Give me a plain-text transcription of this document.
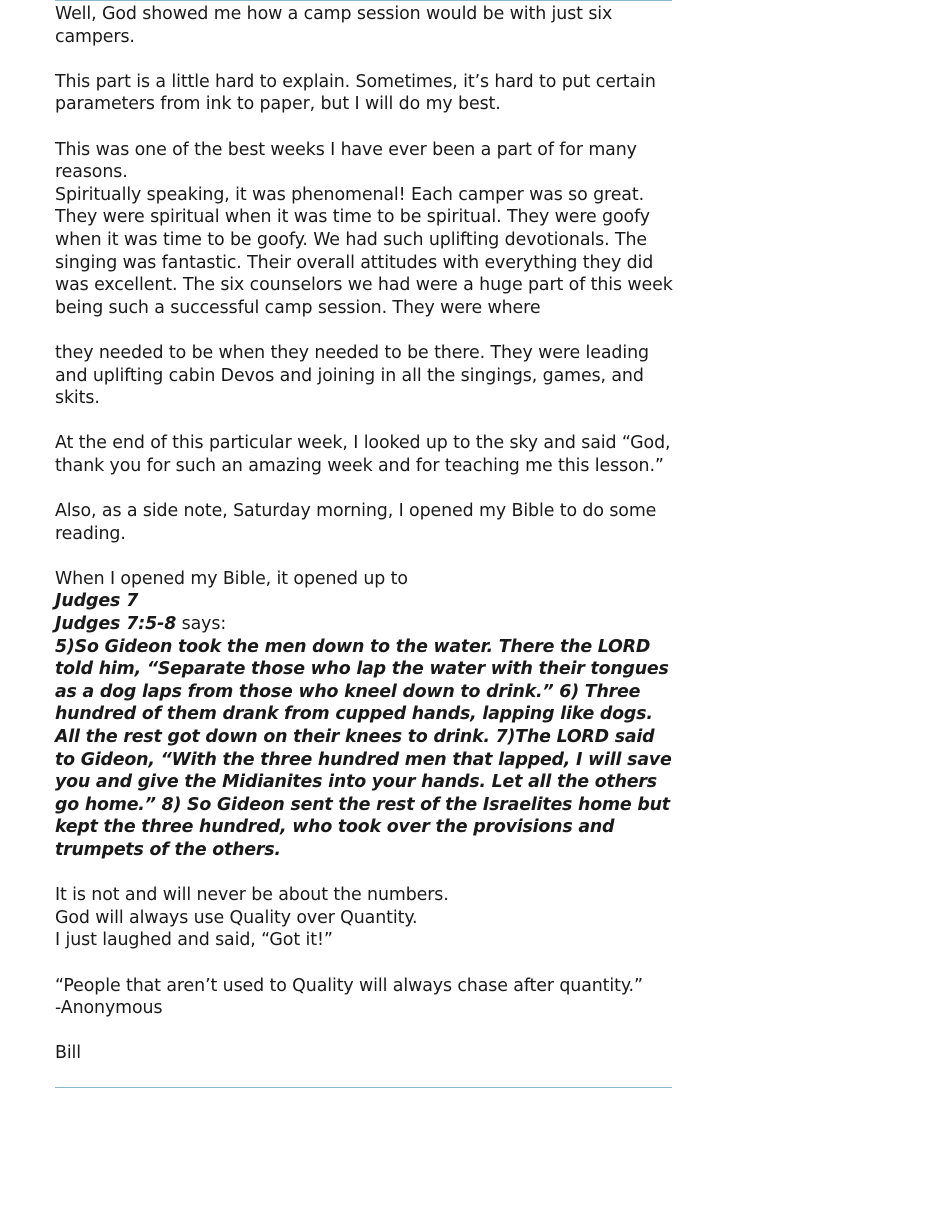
Well, God showed me how a camp session would be with just six campers.

This part is a little hard to explain. Sometimes, it’s hard to put certain parameters from ink to paper, but I will do my best.

This was one of the best weeks I have ever been a part of for many reasons.

Spiritually speaking, it was phenomenal! Each camper was so great. They were spiritual when it was time to be spiritual. They were goofy when it was time to be goofy. We had such uplifting devotionals. The singing was fantastic. Their overall attitudes with everything they did was excellent. The six counselors we had were a huge part of this week being such a successful camp session. They were where

they needed to be when they needed to be there. They were leading and uplifting cabin Devos and joining in all the singings, games, and skits.

At the end of this particular week, I looked up to the sky and said “God, thank you for such an amazing week and for teaching me this lesson.”

Also, as a side note, Saturday morning, I opened my Bible to do some reading.

When I opened my Bible, it opened up to

Judges 7

Judges 7:5-8 says:

5)So Gideon took the men down to the water. There the LORD told him, “Separate those who lap the water with their tongues as a dog laps from those who kneel down to drink.” 6) Three hundred of them drank from cupped hands, lapping like dogs. All the rest got down on their knees to drink. 7)The LORD said to Gideon, “With the three hundred men that lapped, I will save you and give the Midianites into your hands. Let all the others go home.” 8) So Gideon sent the rest of the Israelites home but kept the three hundred, who took over the provisions and trumpets of the others.

It is not and will never be about the numbers.

God will always use Quality over Quantity.

I just laughed and said, “Got it!”

“People that aren’t used to Quality will always chase after quantity.”

-Anonymous

Bill
